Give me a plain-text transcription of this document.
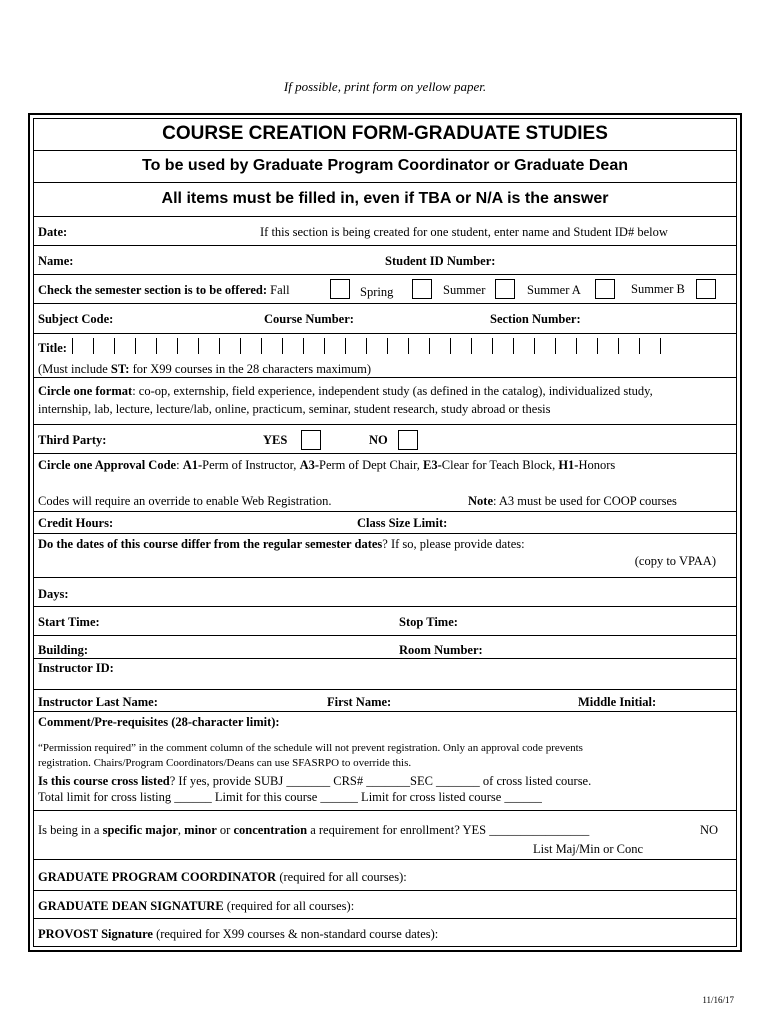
If possible, print form on yellow paper.
COURSE CREATION FORM-GRADUATE STUDIES
To be used by Graduate Program Coordinator or Graduate Dean
All items must be filled in, even if TBA or N/A is the answer
Date:	If this section is being created for one student, enter name and Student ID# below
Name:	Student ID Number:
Check the semester section is to be offered: Fall	Spring	Summer	Summer A	Summer B
Subject Code:	Course Number:	Section Number:
Title:
(Must include ST: for X99 courses in the 28 characters maximum)
Circle one format: co-op, externship, field experience, independent study (as defined in the catalog), individualized study,
internship, lab, lecture, lecture/lab, online, practicum, seminar, student research, study abroad or thesis
Third Party:	YES	NO
Circle one Approval Code: A1-Perm of Instructor, A3-Perm of Dept Chair, E3-Clear for Teach Block, H1-Honors
Codes will require an override to enable Web Registration.	Note: A3 must be used for COOP courses
Credit Hours:	Class Size Limit:
Do the dates of this course differ from the regular semester dates? If so, please provide dates:
(copy to VPAA)
Days:
Start Time:	Stop Time:
Building:	Room Number:
Instructor ID:
Instructor Last Name:	First Name:	Middle Initial:
Comment/Pre-requisites (28-character limit):
“Permission required” in the comment column of the schedule will not prevent registration. Only an approval code prevents
registration. Chairs/Program Coordinators/Deans can use SFASRPO to override this.
Is this course cross listed? If yes, provide SUBJ _______ CRS# _______SEC _______ of cross listed course.
Total limit for cross listing ______ Limit for this course ______ Limit for cross listed course ______
Is being in a specific major, minor or concentration a requirement for enrollment? YES ________________	NO
List Maj/Min or Conc
GRADUATE PROGRAM COORDINATOR (required for all courses):
GRADUATE DEAN SIGNATURE (required for all courses):
PROVOST Signature (required for X99 courses & non-standard course dates):
11/16/17
